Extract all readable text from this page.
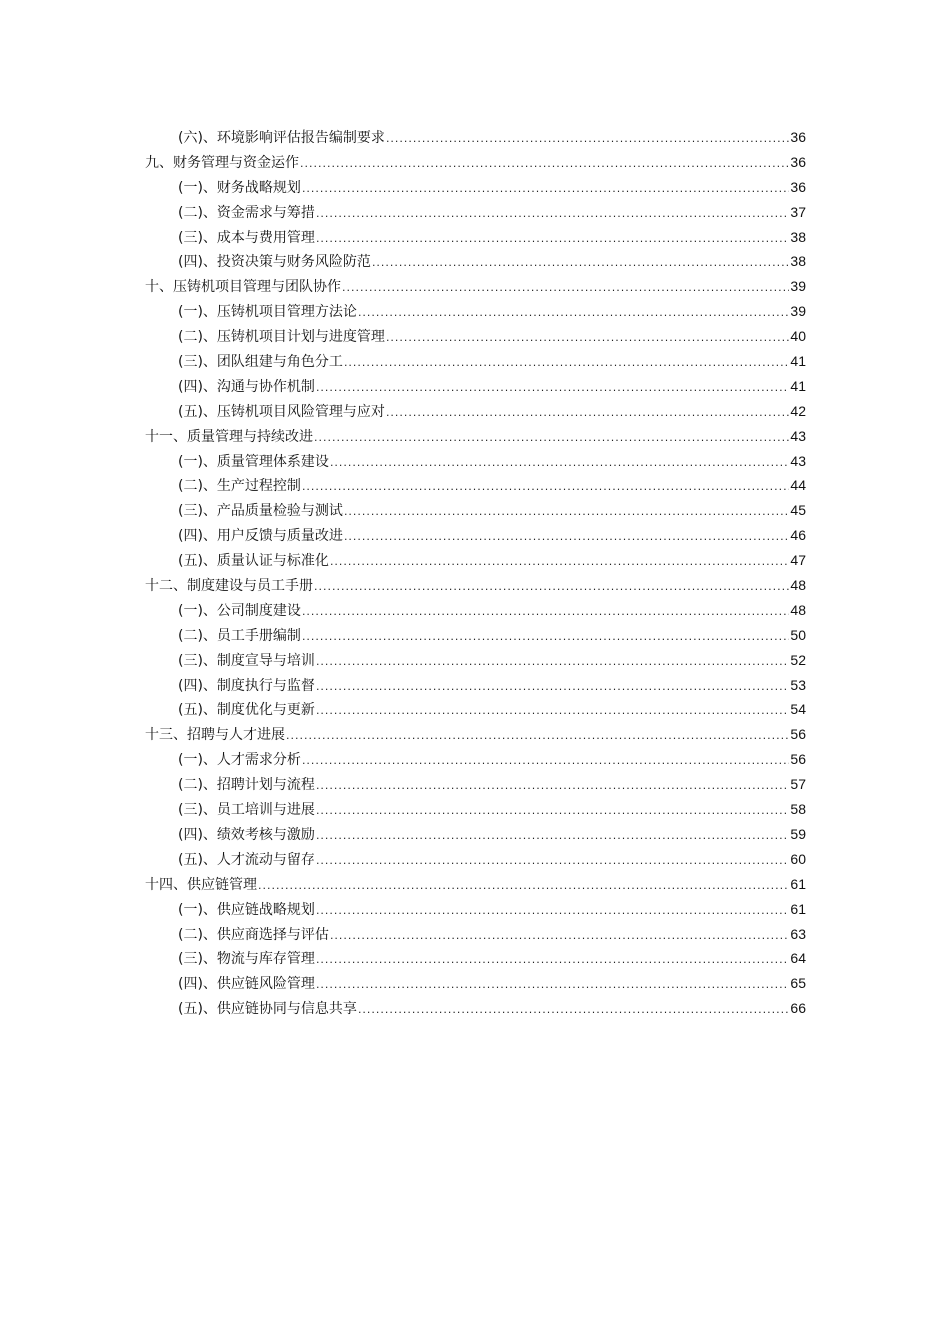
(六)、环境影响评估报告编制要求 .....	36
九、财务管理与资金运作 .....	36
(一)、财务战略规划 .....	36
(二)、资金需求与筹措 .....	37
(三)、成本与费用管理 .....	38
(四)、投资决策与财务风险防范 .....	38
十、压铸机项目管理与团队协作 .....	39
(一)、压铸机项目管理方法论 .....	39
(二)、压铸机项目计划与进度管理 .....	40
(三)、团队组建与角色分工 .....	41
(四)、沟通与协作机制 .....	41
(五)、压铸机项目风险管理与应对 .....	42
十一、质量管理与持续改进 .....	43
(一)、质量管理体系建设 .....	43
(二)、生产过程控制 .....	44
(三)、产品质量检验与测试 .....	45
(四)、用户反馈与质量改进 .....	46
(五)、质量认证与标准化 .....	47
十二、制度建设与员工手册 .....	48
(一)、公司制度建设 .....	48
(二)、员工手册编制 .....	50
(三)、制度宣导与培训 .....	52
(四)、制度执行与监督 .....	53
(五)、制度优化与更新 .....	54
十三、招聘与人才进展 .....	56
(一)、人才需求分析 .....	56
(二)、招聘计划与流程 .....	57
(三)、员工培训与进展 .....	58
(四)、绩效考核与激励 .....	59
(五)、人才流动与留存 .....	60
十四、供应链管理 .....	61
(一)、供应链战略规划 .....	61
(二)、供应商选择与评估 .....	63
(三)、物流与库存管理 .....	64
(四)、供应链风险管理 .....	65
(五)、供应链协同与信息共享 .....	66
